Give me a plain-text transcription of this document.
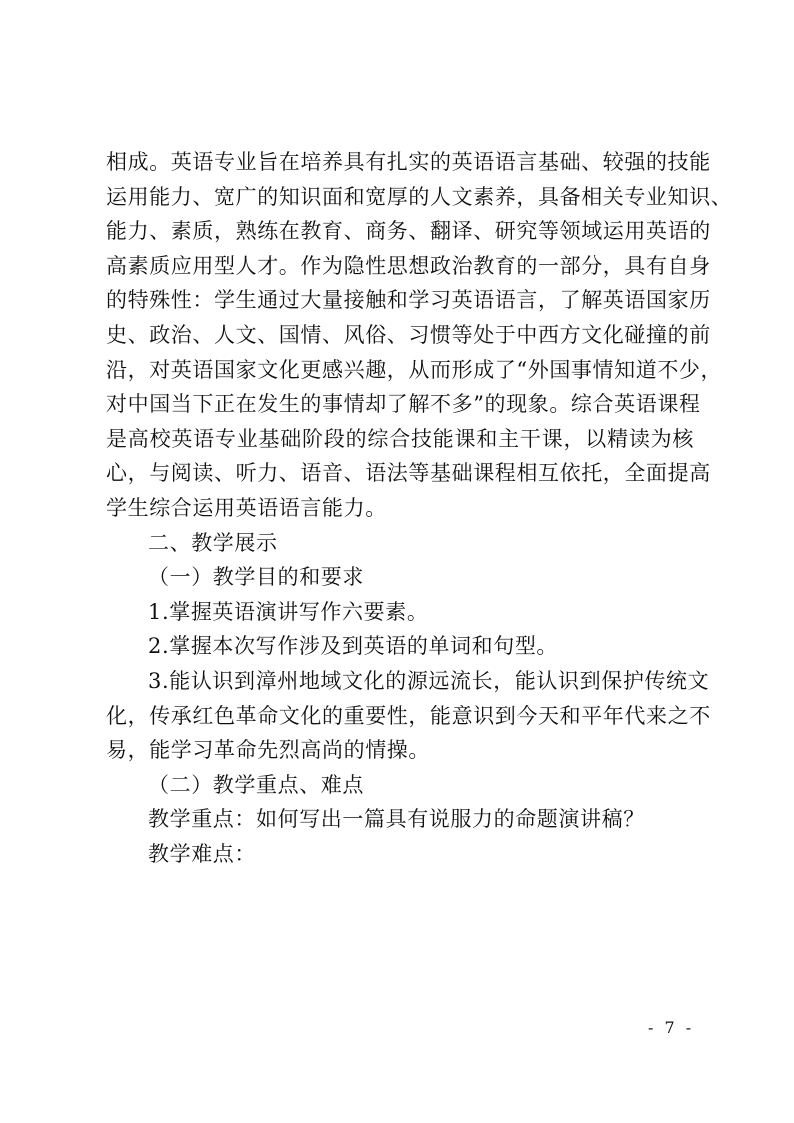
相成。英语专业旨在培养具有扎实的英语语言基础、较强的技能
运用能力、宽广的知识面和宽厚的人文素养，具备相关专业知识、
能力、素质，熟练在教育、商务、翻译、研究等领域运用英语的
高素质应用型人才。作为隐性思想政治教育的一部分，具有自身
的特殊性：学生通过大量接触和学习英语语言，了解英语国家历
史、政治、人文、国情、风俗、习惯等处于中西方文化碰撞的前
沿，对英语国家文化更感兴趣，从而形成了“外国事情知道不少，
对中国当下正在发生的事情却了解不多”的现象。综合英语课程
是高校英语专业基础阶段的综合技能课和主干课，以精读为核
心，与阅读、听力、语音、语法等基础课程相互依托，全面提高
学生综合运用英语语言能力。
二、教学展示
（一）教学目的和要求
1.掌握英语演讲写作六要素。
2.掌握本次写作涉及到英语的单词和句型。
3.能认识到漳州地域文化的源远流长，能认识到保护传统文
化，传承红色革命文化的重要性，能意识到今天和平年代来之不
易，能学习革命先烈高尚的情操。
（二）教学重点、难点
教学重点：如何写出一篇具有说服力的命题演讲稿？
教学难点：
- 7 -
